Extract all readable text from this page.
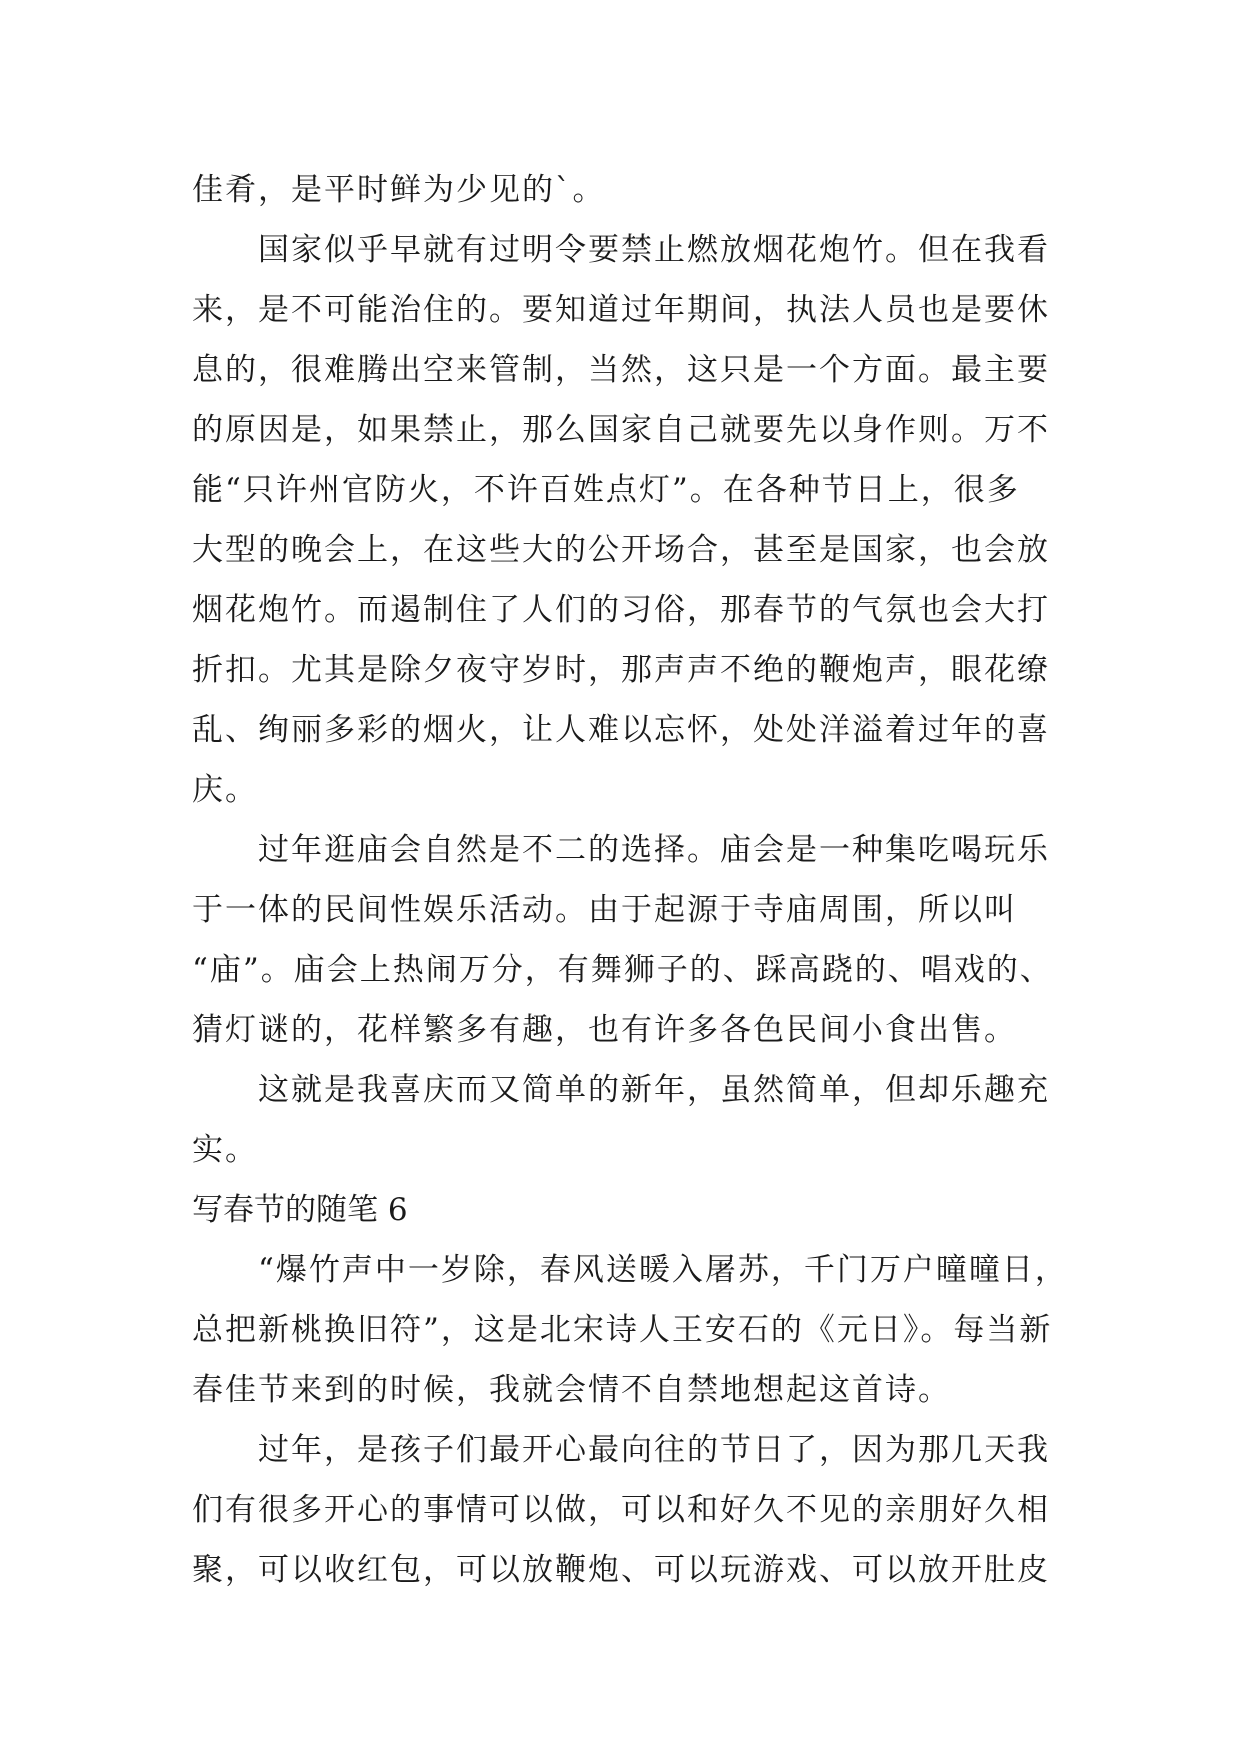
佳肴，是平时鲜为少见的`。
　　国家似乎早就有过明令要禁止燃放烟花炮竹。但在我看
来，是不可能治住的。要知道过年期间，执法人员也是要休
息的，很难腾出空来管制，当然，这只是一个方面。最主要
的原因是，如果禁止，那么国家自己就要先以身作则。万不
能“只许州官防火，不许百姓点灯”。在各种节日上，很多
大型的晚会上，在这些大的公开场合，甚至是国家，也会放
烟花炮竹。而遏制住了人们的习俗，那春节的气氛也会大打
折扣。尤其是除夕夜守岁时，那声声不绝的鞭炮声，眼花缭
乱、绚丽多彩的烟火，让人难以忘怀，处处洋溢着过年的喜
庆。
　　过年逛庙会自然是不二的选择。庙会是一种集吃喝玩乐
于一体的民间性娱乐活动。由于起源于寺庙周围，所以叫
“庙”。庙会上热闹万分，有舞狮子的、踩高跷的、唱戏的、
猜灯谜的，花样繁多有趣，也有许多各色民间小食出售。
　　这就是我喜庆而又简单的新年，虽然简单，但却乐趣充
实。
写春节的随笔 6
　　“爆竹声中一岁除，春风送暖入屠苏，千门万户曈曈日，
总把新桃换旧符”，这是北宋诗人王安石的《元日》。每当新
春佳节来到的时候，我就会情不自禁地想起这首诗。
　　过年，是孩子们最开心最向往的节日了，因为那几天我
们有很多开心的事情可以做，可以和好久不见的亲朋好久相
聚，可以收红包，可以放鞭炮、可以玩游戏、可以放开肚皮
